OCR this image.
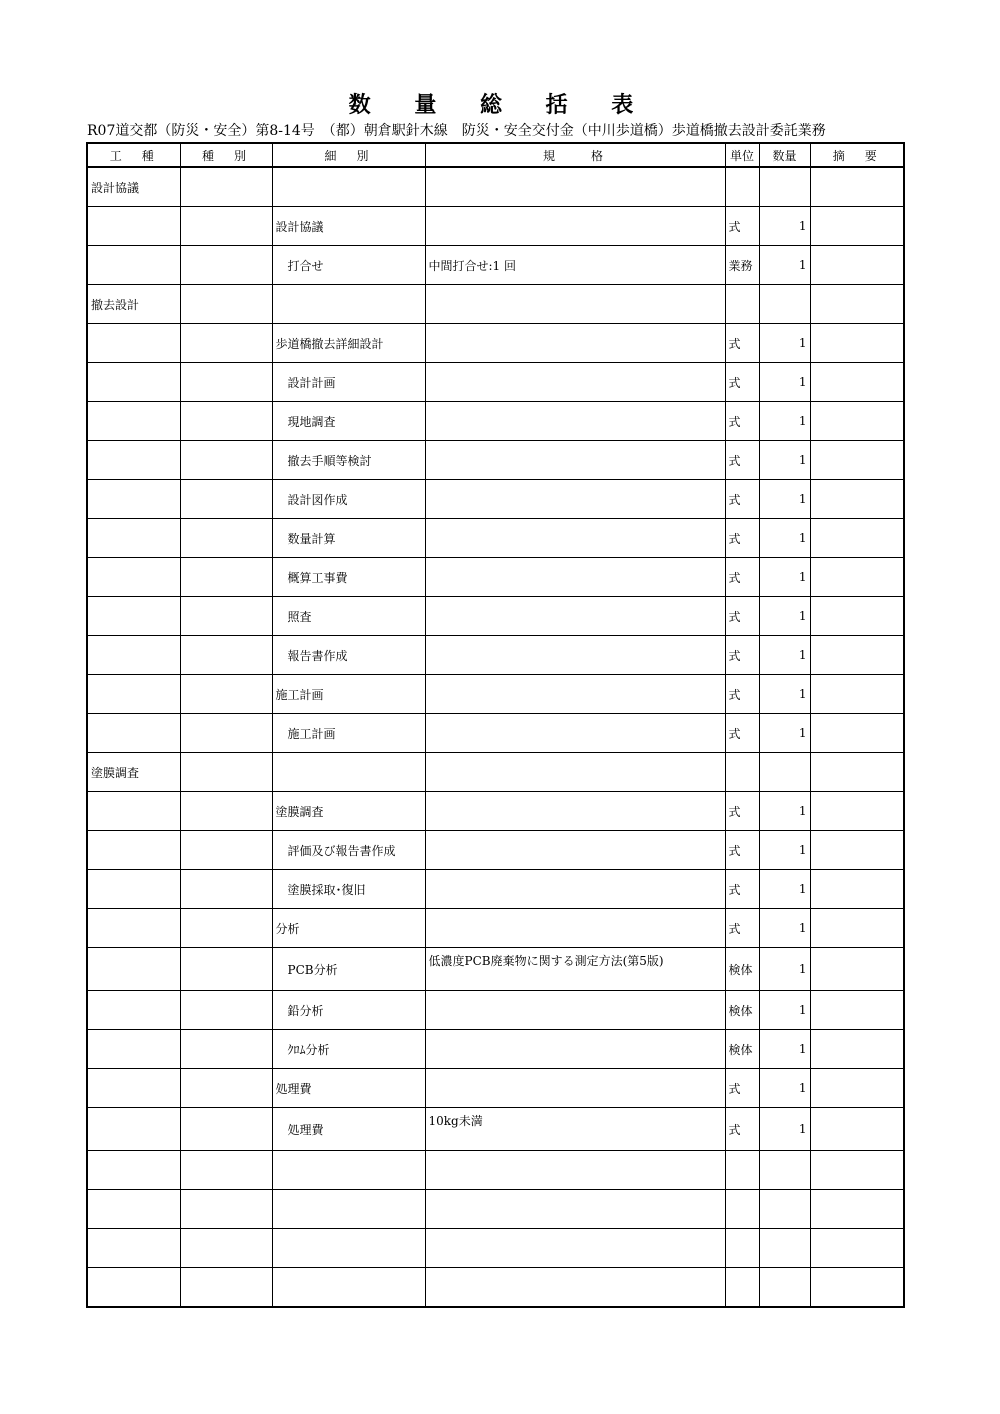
数 量 総 括 表
R07道交都（防災・安全）第8-14号　（都）朝倉駅針木線　防災・安全交付金（中川歩道橋）歩道橋撤去設計委託業務
工　種	種　別	細　別	規　　格	単位	数量	摘　要
設計協議						
		設計協議		式	1	
		打合せ	中間打合せ:1 回	業務	1	
撤去設計						
		歩道橋撤去詳細設計		式	1	
		設計計画		式	1	
		現地調査		式	1	
		撤去手順等検討		式	1	
		設計図作成		式	1	
		数量計算		式	1	
		概算工事費		式	1	
		照査		式	1	
		報告書作成		式	1	
		施工計画		式	1	
		施工計画		式	1	
塗膜調査						
		塗膜調査		式	1	
		評価及び報告書作成		式	1	
		塗膜採取･復旧		式	1	
		分析		式	1	
		PCB分析	低濃度PCB廃棄物に関する測定方法(第5版)	検体	1	
		鉛分析		検体	1	
		ｸﾛﾑ分析		検体	1	
		処理費		式	1	
		処理費	10kg未満	式	1	
